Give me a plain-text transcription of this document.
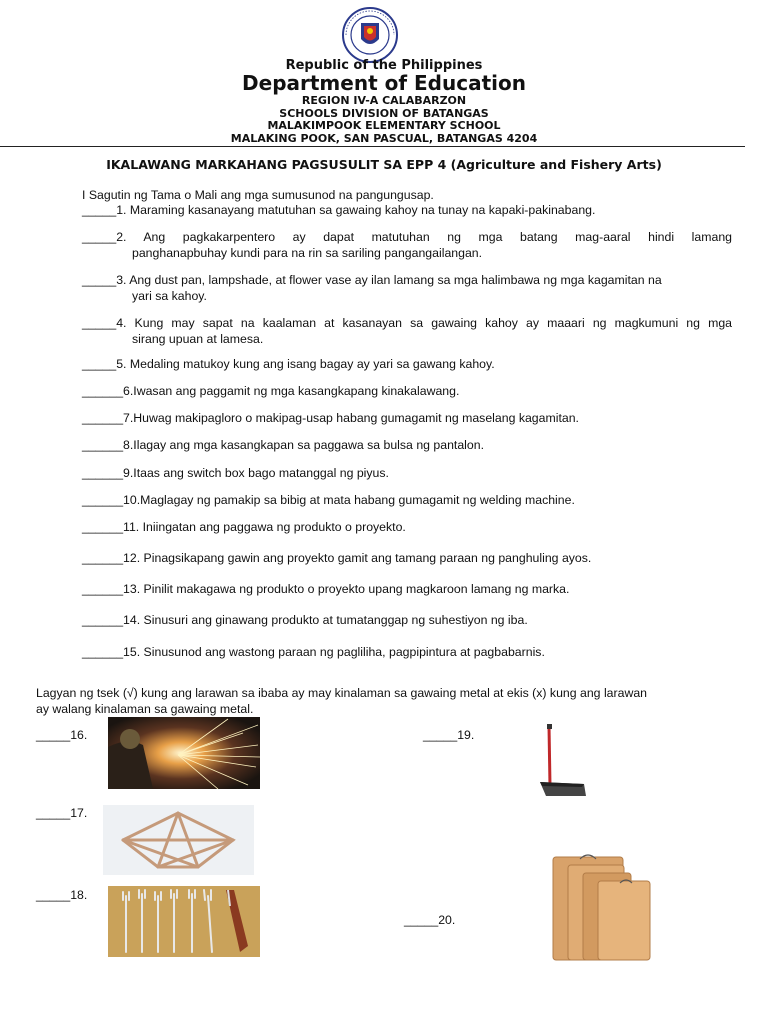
Republic of the Philippines
Department of Education
REGION IV-A CALABARZON
SCHOOLS DIVISION OF BATANGAS
MALAKIMPOOK ELEMENTARY SCHOOL
MALAKING POOK, SAN PASCUAL, BATANGAS 4204
IKALAWANG MARKAHANG PAGSUSULIT SA EPP 4 (Agriculture and Fishery Arts)
I Sagutin ng Tama o Mali ang mga sumusunod na pangungusap.
_____1. Maraming kasanayang matutuhan sa gawaing kahoy na tunay na kapaki-pakinabang.
_____2. Ang pagkakarpentero ay dapat matutuhan ng mga batang mag-aaral hindi lamang
panghanapbuhay kundi para na rin sa sariling pangangailangan.
_____3. Ang dust pan, lampshade, at flower vase ay ilan lamang sa mga halimbawa ng mga kagamitan na
yari sa kahoy.
_____4. Kung may sapat na kaalaman at kasanayan sa gawaing kahoy ay maaari ng magkumuni ng mga
sirang upuan at lamesa.
_____5. Medaling matukoy kung ang isang bagay ay yari sa gawang kahoy.
______6.Iwasan ang paggamit ng mga kasangkapang kinakalawang.
______7.Huwag makipagloro o makipag-usap habang gumagamit ng maselang kagamitan.
______8.Ilagay ang mga kasangkapan sa paggawa sa bulsa ng pantalon.
______9.Itaas ang switch box bago matanggal ng piyus.
______10.Maglagay ng pamakip sa bibig at mata habang gumagamit ng welding machine.
______11. Iniingatan ang paggawa ng produkto o proyekto.
______12. Pinagsikapang gawin ang proyekto gamit ang tamang paraan ng panghuling ayos.
______13. Pinilit makagawa ng produkto o proyekto upang magkaroon lamang ng marka.
______14. Sinusuri ang ginawang produkto at tumatanggap ng suhestiyon ng iba.
______15. Sinusunod ang wastong paraan ng pagliliha, pagpipintura at pagbabarnis.
Lagyan ng tsek (√) kung ang larawan sa ibaba ay may kinalaman sa gawaing metal at ekis (x) kung ang larawan
ay walang kinalaman sa gawaing metal.
_____16.
_____17.
_____18.
_____19.
_____20.
